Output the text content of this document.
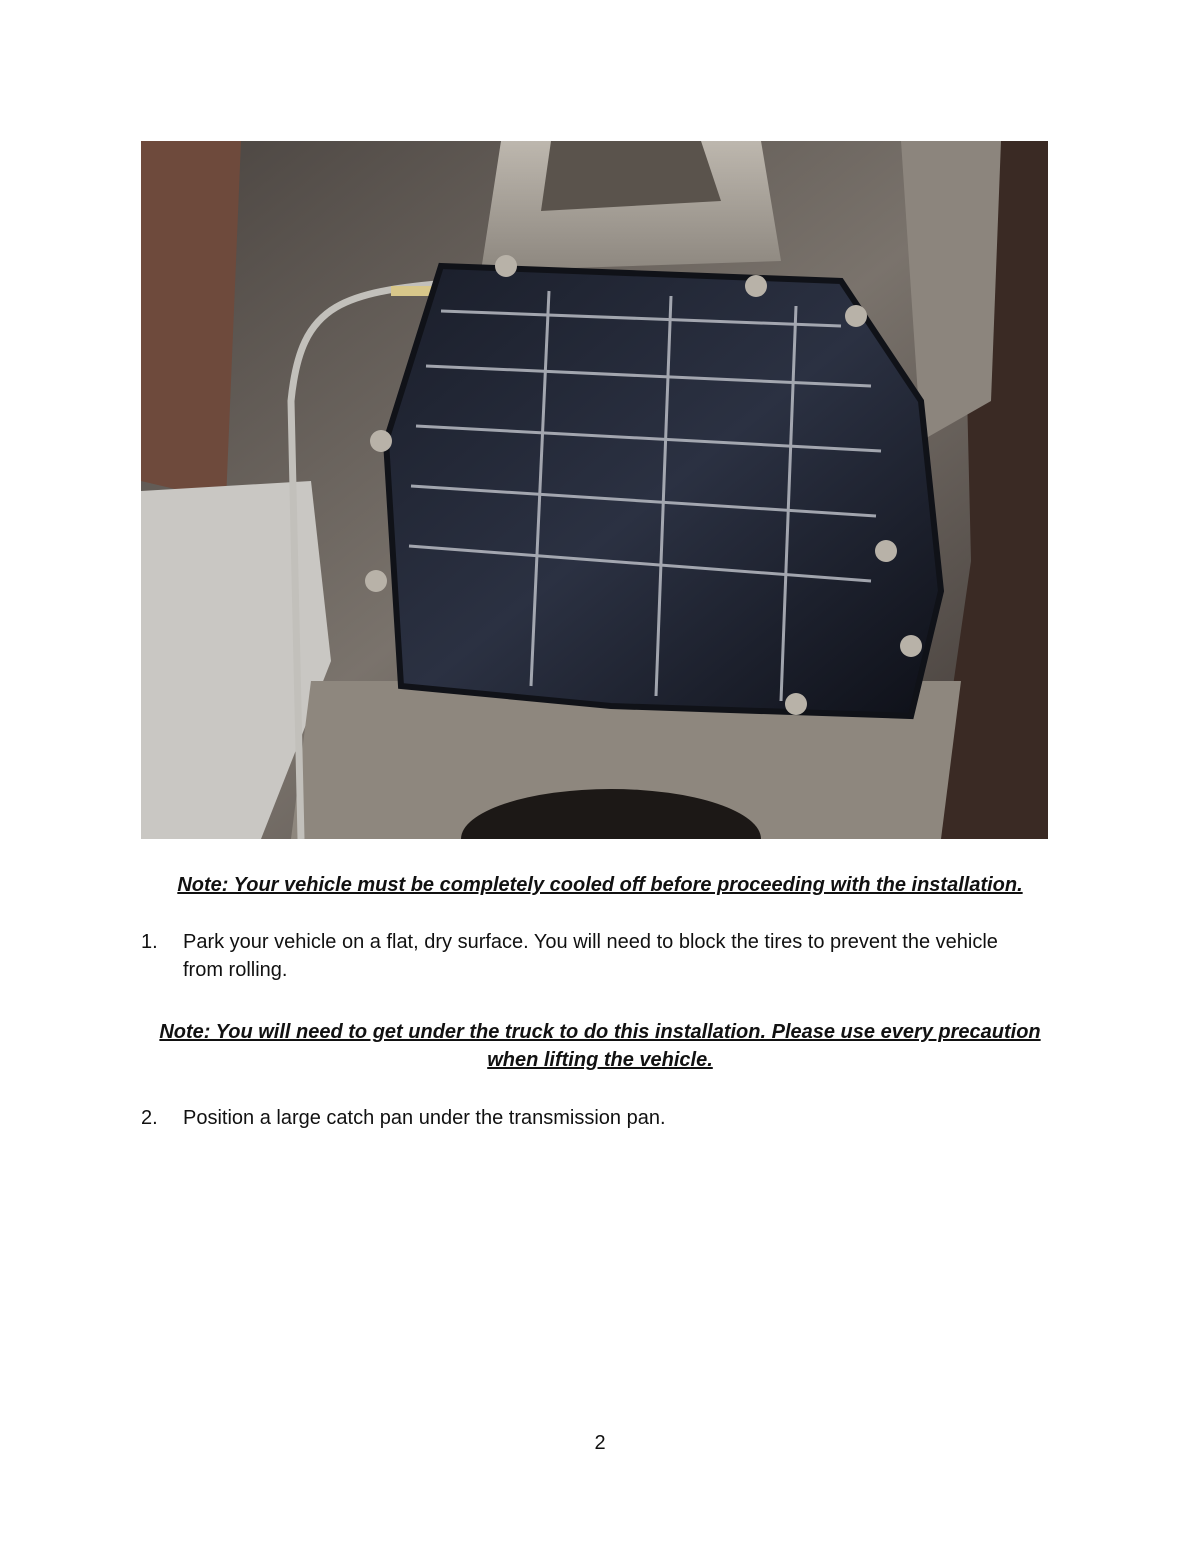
Note: Your vehicle must be completely cooled off before proceeding with the installation.
1.	Park your vehicle on a flat, dry surface. You will need to block the tires to prevent the vehicle from rolling.
Note: You will need to get under the truck to do this installation. Please use every precaution when lifting the vehicle.
2.	Position a large catch pan under the transmission pan.
2
